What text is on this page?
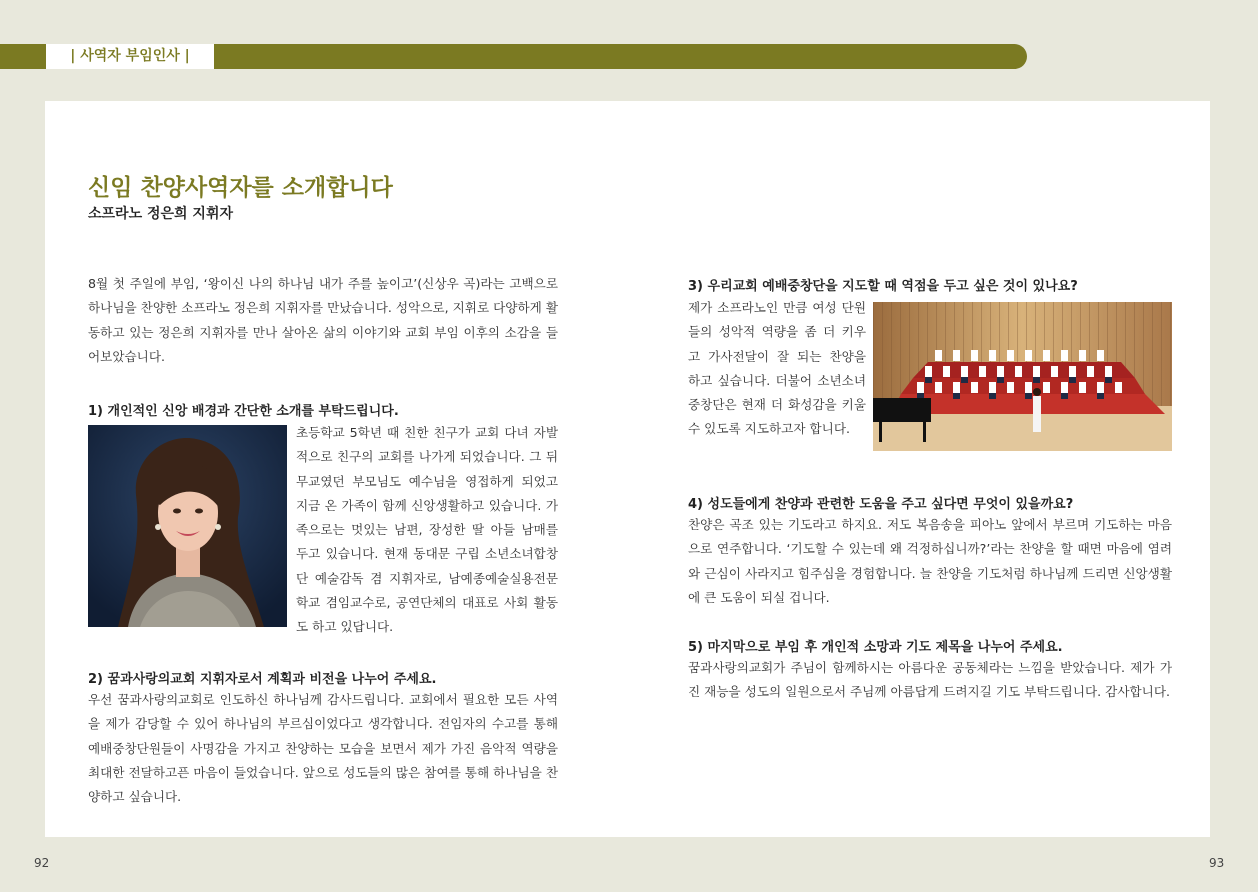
| 사역자 부임인사 |
신임 찬양사역자를 소개합니다
소프라노 정은희 지휘자

8월 첫 주일에 부임, ‘왕이신 나의 하나님 내가 주를 높이고’(신상우 곡)라는 고백으로 하나님을 찬양한 소프라노 정은희 지휘자를 만났습니다. 성악으로, 지휘로 다양하게 활동하고 있는 정은희 지휘자를 만나 살아온 삶의 이야기와 교회 부임 이후의 소감을 들어보았습니다.

1) 개인적인 신앙 배경과 간단한 소개를 부탁드립니다.

초등학교 5학년 때 친한 친구가 교회 다녀 자발적으로 친구의 교회를 나가게 되었습니다. 그 뒤 무교였던 부모님도 예수님을 영접하게 되었고 지금 온 가족이 함께 신앙생활하고 있습니다. 가족으로는 멋있는 남편, 장성한 딸 아들 남매를 두고 있습니다. 현재 동대문 구립 소년소녀합창단 예술감독 겸 지휘자로, 남예종예술실용전문학교 겸임교수로, 공연단체의 대표로 사회 활동도 하고 있답니다.

2) 꿈과사랑의교회 지휘자로서 계획과 비전을 나누어 주세요.

우선 꿈과사랑의교회로 인도하신 하나님께 감사드립니다. 교회에서 필요한 모든 사역을 제가 감당할 수 있어 하나님의 부르심이었다고 생각합니다. 전임자의 수고를 통해 예배중창단원들이 사명감을 가지고 찬양하는 모습을 보면서 제가 가진 음악적 역량을 최대한 전달하고픈 마음이 들었습니다. 앞으로 성도들의 많은 참여를 통해 하나님을 찬양하고 싶습니다.

3) 우리교회 예배중창단을 지도할 때 역점을 두고 싶은 것이 있나요?

제가 소프라노인 만큼 여성 단원들의 성악적 역량을 좀 더 키우고 가사전달이 잘 되는 찬양을 하고 싶습니다. 더불어 소년소녀중창단은 현재 더 화성감을 키울 수 있도록 지도하고자 합니다.

4) 성도들에게 찬양과 관련한 도움을 주고 싶다면 무엇이 있을까요?

찬양은 곡조 있는 기도라고 하지요. 저도 복음송을 피아노 앞에서 부르며 기도하는 마음으로 연주합니다. ‘기도할 수 있는데 왜 걱정하십니까?’라는 찬양을 할 때면 마음에 염려와 근심이 사라지고 힘주심을 경험합니다. 늘 찬양을 기도처럼 하나님께 드리면 신앙생활에 큰 도움이 되실 겁니다.

5) 마지막으로 부임 후 개인적 소망과 기도 제목을 나누어 주세요.

꿈과사랑의교회가 주님이 함께하시는 아름다운 공동체라는 느낌을 받았습니다. 제가 가진 재능을 성도의 일원으로서 주님께 아름답게 드려지길 기도 부탁드립니다. 감사합니다.

92	93
